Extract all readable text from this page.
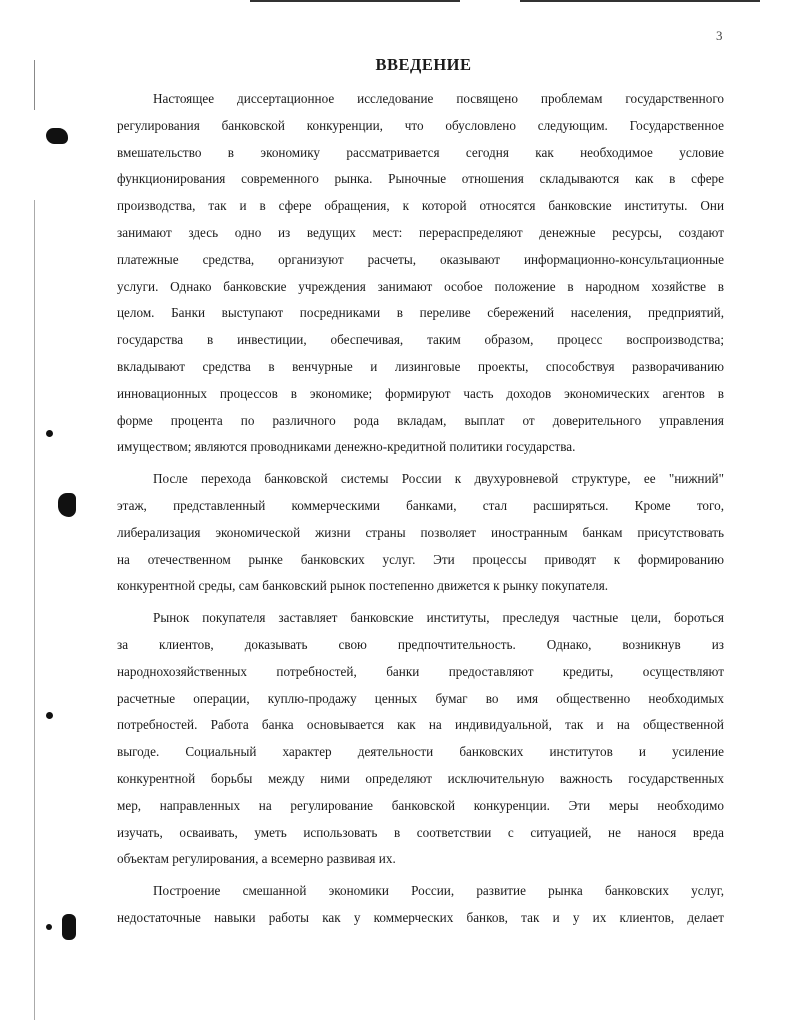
3
ВВЕДЕНИЕ
Настоящее диссертационное исследование посвящено проблемам государственного
регулирования банковской конкуренции, что обусловлено следующим. Государственное
вмешательство в экономику рассматривается сегодня как необходимое условие
функционирования современного рынка. Рыночные отношения складываются как в сфере
производства, так и в сфере обращения, к которой относятся банковские институты. Они
занимают здесь одно из ведущих мест: перераспределяют денежные ресурсы, создают
платежные средства, организуют расчеты, оказывают информационно-консультационные
услуги. Однако банковские учреждения занимают особое положение в народном хозяйстве в
целом. Банки выступают посредниками в переливе сбережений населения, предприятий,
государства в инвестиции, обеспечивая, таким образом, процесс воспроизводства;
вкладывают средства в венчурные и лизинговые проекты, способствуя разворачиванию
инновационных процессов в экономике; формируют часть доходов экономических агентов в
форме процента по различного рода вкладам, выплат от доверительного управления
имуществом; являются проводниками денежно-кредитной политики государства.
После перехода банковской системы России к двухуровневой структуре, ее "нижний"
этаж, представленный коммерческими банками, стал расширяться. Кроме того,
либерализация экономической жизни страны позволяет иностранным банкам присутствовать
на отечественном рынке банковских услуг. Эти процессы приводят к формированию
конкурентной среды, сам банковский рынок постепенно движется к рынку покупателя.
Рынок покупателя заставляет банковские институты, преследуя частные цели, бороться
за клиентов, доказывать свою предпочтительность. Однако, возникнув из
народнохозяйственных потребностей, банки предоставляют кредиты, осуществляют
расчетные операции, куплю-продажу ценных бумаг во имя общественно необходимых
потребностей. Работа банка основывается как на индивидуальной, так и на общественной
выгоде. Социальный характер деятельности банковских институтов и усиление
конкурентной борьбы между ними определяют исключительную важность государственных
мер, направленных на регулирование банковской конкуренции. Эти меры необходимо
изучать, осваивать, уметь использовать в соответствии с ситуацией, не нанося вреда
объектам регулирования, а всемерно развивая их.
Построение смешанной экономики России, развитие рынка банковских услуг,
недостаточные навыки работы как у коммерческих банков, так и у их клиентов, делает
